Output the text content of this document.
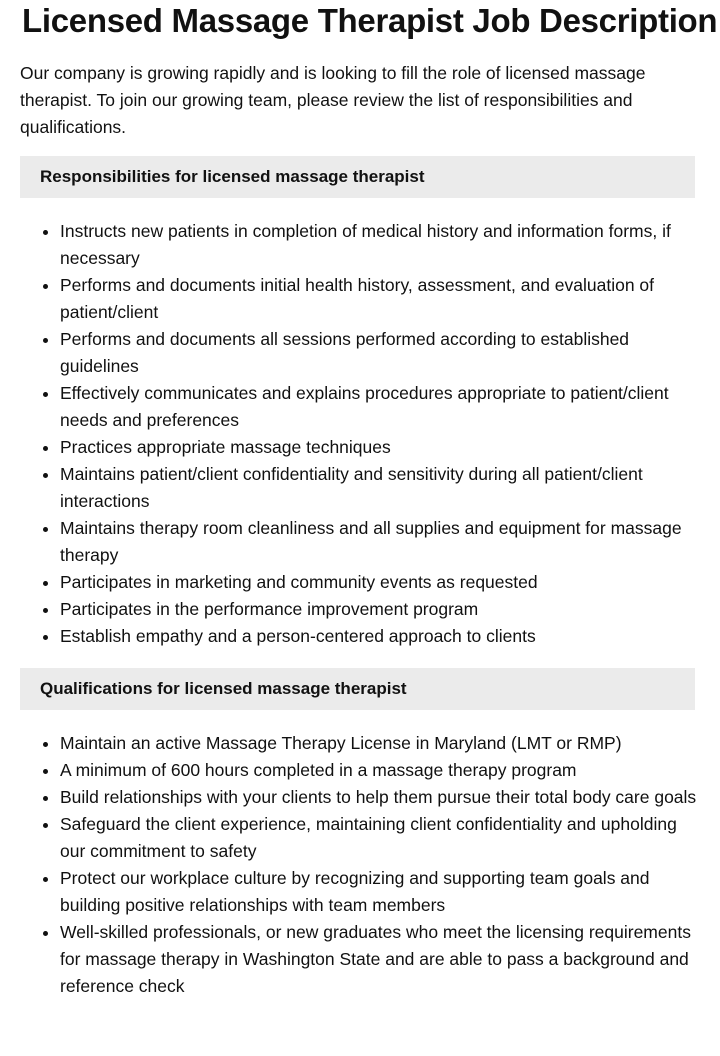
Licensed Massage Therapist Job Description

Our company is growing rapidly and is looking to fill the role of licensed massage therapist. To join our growing team, please review the list of responsibilities and qualifications.

Responsibilities for licensed massage therapist
• Instructs new patients in completion of medical history and information forms, if necessary
• Performs and documents initial health history, assessment, and evaluation of patient/client
• Performs and documents all sessions performed according to established guidelines
• Effectively communicates and explains procedures appropriate to patient/client needs and preferences
• Practices appropriate massage techniques
• Maintains patient/client confidentiality and sensitivity during all patient/client interactions
• Maintains therapy room cleanliness and all supplies and equipment for massage therapy
• Participates in marketing and community events as requested
• Participates in the performance improvement program
• Establish empathy and a person-centered approach to clients
Qualifications for licensed massage therapist
• Maintain an active Massage Therapy License in Maryland (LMT or RMP)
• A minimum of 600 hours completed in a massage therapy program
• Build relationships with your clients to help them pursue their total body care goals
• Safeguard the client experience, maintaining client confidentiality and upholding our commitment to safety
• Protect our workplace culture by recognizing and supporting team goals and building positive relationships with team members
• Well-skilled professionals, or new graduates who meet the licensing requirements for massage therapy in Washington State and are able to pass a background and reference check
